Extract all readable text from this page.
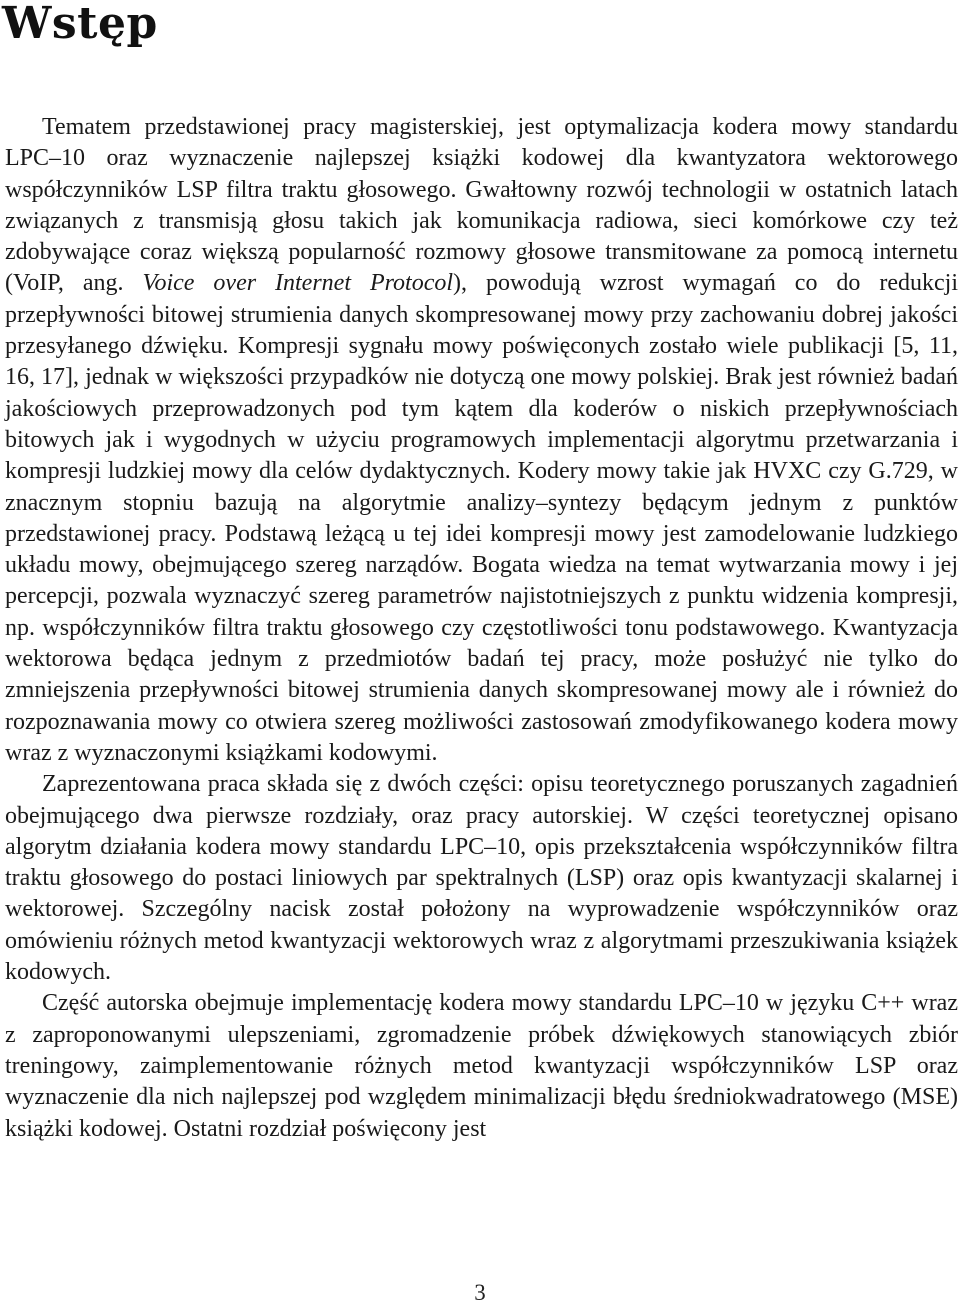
Wstęp

Tematem przedstawionej pracy magisterskiej, jest optymalizacja kodera mowy standardu LPC–10 oraz wyznaczenie najlepszej książki kodowej dla kwantyzatora wektorowego współczynników LSP filtra traktu głosowego. Gwałtowny rozwój technologii w ostatnich latach związanych z transmisją głosu takich jak komunikacja radiowa, sieci komórkowe czy też zdobywające coraz większą popularność rozmowy głosowe transmitowane za pomocą internetu (VoIP, ang. Voice over Internet Protocol), powodują wzrost wymagań co do redukcji przepływności bitowej strumienia danych skompresowanej mowy przy zachowaniu dobrej jakości przesyłanego dźwięku. Kompresji sygnału mowy poświęconych zostało wiele publikacji [5, 11, 16, 17], jednak w większości przypadków nie dotyczą one mowy polskiej. Brak jest również badań jakościowych przeprowadzonych pod tym kątem dla koderów o niskich przepływnościach bitowych jak i wygodnych w użyciu programowych implementacji algorytmu przetwarzania i kompresji ludzkiej mowy dla celów dydaktycznych. Kodery mowy takie jak HVXC czy G.729, w znacznym stopniu bazują na algorytmie analizy–syntezy będącym jednym z punktów przedstawionej pracy. Podstawą leżącą u tej idei kompresji mowy jest zamodelowanie ludzkiego układu mowy, obejmującego szereg narządów. Bogata wiedza na temat wytwarzania mowy i jej percepcji, pozwala wyznaczyć szereg parametrów najistotniejszych z punktu widzenia kompresji, np. współczynników filtra traktu głosowego czy częstotliwości tonu podstawowego. Kwantyzacja wektorowa będąca jednym z przedmiotów badań tej pracy, może posłużyć nie tylko do zmniejszenia przepływności bitowej strumienia danych skompresowanej mowy ale i również do rozpoznawania mowy co otwiera szereg możliwości zastosowań zmodyfikowanego kodera mowy wraz z wyznaczonymi książkami kodowymi.

Zaprezentowana praca składa się z dwóch części: opisu teoretycznego poruszanych zagadnień obejmującego dwa pierwsze rozdziały, oraz pracy autorskiej. W części teoretycznej opisano algorytm działania kodera mowy standardu LPC–10, opis przekształcenia współczynników filtra traktu głosowego do postaci liniowych par spektralnych (LSP) oraz opis kwantyzacji skalarnej i wektorowej. Szczególny nacisk został położony na wyprowadzenie współczynników oraz omówieniu różnych metod kwantyzacji wektorowych wraz z algorytmami przeszukiwania książek kodowych.

Część autorska obejmuje implementację kodera mowy standardu LPC–10 w języku C++ wraz z zaproponowanymi ulepszeniami, zgromadzenie próbek dźwiękowych stanowiących zbiór treningowy, zaimplementowanie różnych metod kwantyzacji współczynników LSP oraz wyznaczenie dla nich najlepszej pod względem minimalizacji błędu średniokwadratowego (MSE) książki kodowej. Ostatni rozdział poświęcony jest

3
